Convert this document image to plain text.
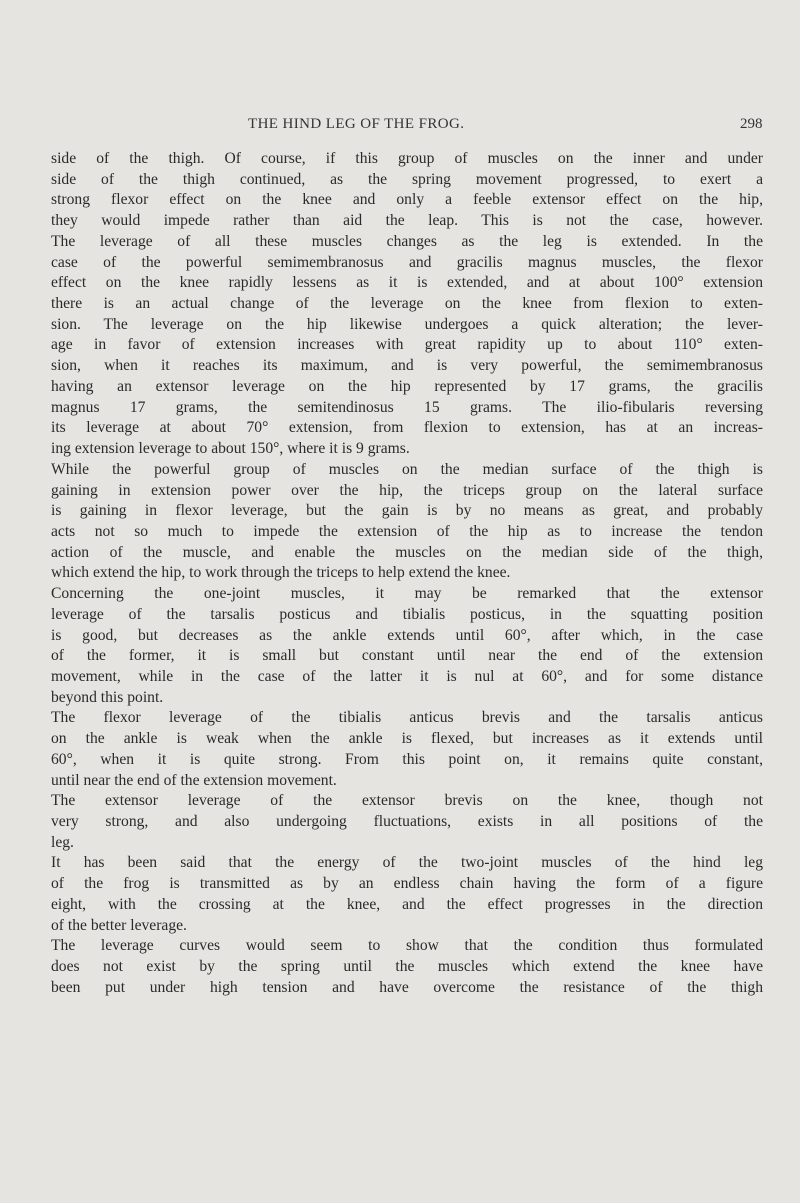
THE HIND LEG OF THE FROG.	298
side of the thigh. Of course, if this group of muscles on the inner and under
side of the thigh continued, as the spring movement progressed, to exert a
strong flexor effect on the knee and only a feeble extensor effect on the hip,
they would impede rather than aid the leap. This is not the case, however.
The leverage of all these muscles changes as the leg is extended. In the
case of the powerful semimembranosus and gracilis magnus muscles, the flexor
effect on the knee rapidly lessens as it is extended, and at about 100° extension
there is an actual change of the leverage on the knee from flexion to exten-
sion. The leverage on the hip likewise undergoes a quick alteration; the lever-
age in favor of extension increases with great rapidity up to about 110° exten-
sion, when it reaches its maximum, and is very powerful, the semimembranosus
having an extensor leverage on the hip represented by 17 grams, the gracilis
magnus 17 grams, the semitendinosus 15 grams. The ilio-fibularis reversing
its leverage at about 70° extension, from flexion to extension, has at an increas-
ing extension leverage to about 150°, where it is 9 grams.
While the powerful group of muscles on the median surface of the thigh is
gaining in extension power over the hip, the triceps group on the lateral surface
is gaining in flexor leverage, but the gain is by no means as great, and probably
acts not so much to impede the extension of the hip as to increase the tendon
action of the muscle, and enable the muscles on the median side of the thigh,
which extend the hip, to work through the triceps to help extend the knee.
Concerning the one-joint muscles, it may be remarked that the extensor
leverage of the tarsalis posticus and tibialis posticus, in the squatting position
is good, but decreases as the ankle extends until 60°, after which, in the case
of the former, it is small but constant until near the end of the extension
movement, while in the case of the latter it is nul at 60°, and for some distance
beyond this point.
The flexor leverage of the tibialis anticus brevis and the tarsalis anticus
on the ankle is weak when the ankle is flexed, but increases as it extends until
60°, when it is quite strong. From this point on, it remains quite constant,
until near the end of the extension movement.
The extensor leverage of the extensor brevis on the knee, though not
very strong, and also undergoing fluctuations, exists in all positions of the
leg.
It has been said that the energy of the two-joint muscles of the hind leg
of the frog is transmitted as by an endless chain having the form of a figure
eight, with the crossing at the knee, and the effect progresses in the direction
of the better leverage.
The leverage curves would seem to show that the condition thus formulated
does not exist by the spring until the muscles which extend the knee have
been put under high tension and have overcome the resistance of the thigh
